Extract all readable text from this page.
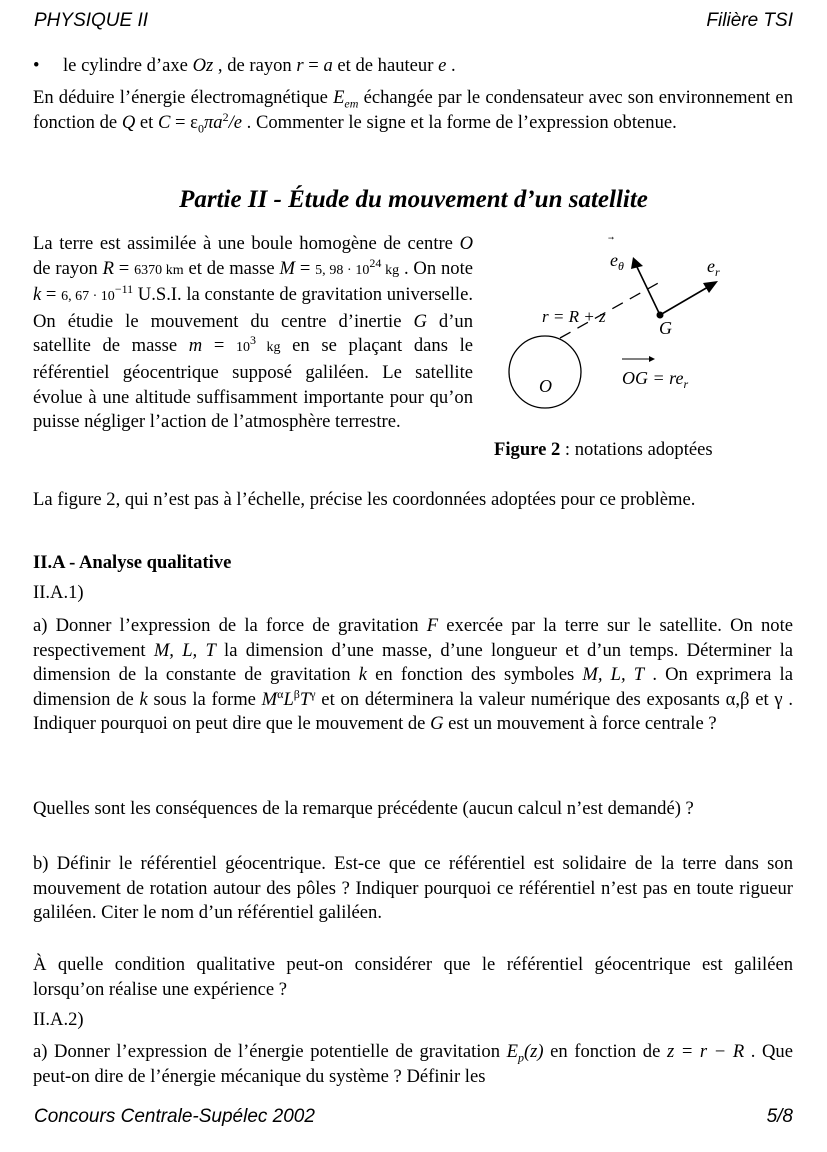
PHYSIQUE II	Filière TSI
• le cylindre d’axe Oz , de rayon r = a et de hauteur e .

En déduire l’énergie électromagnétique $E_{em}$ échangée par le condensateur avec son environnement en fonction de Q et $C = \varepsilon_0\pi a^2/e$ . Commenter le signe et la forme de l’expression obtenue.

Partie II - Étude du mouvement d’un satellite

La terre est assimilée à une boule homogène de centre O de rayon R = 6370 km et de masse M = 5, $98 \cdot 10^{24}$ kg . On note k = 6, $67 \cdot 10^{-11}$ U.S.I. la constante de gravitation universelle. On étudie le mouvement du centre d’inertie G d’un satellite de masse $m = 10^3$ kg en se plaçant dans le référentiel géocentrique supposé galiléen. Le satellite évolue à une altitude suffisamment importante pour qu’on puisse négliger l’action de l’atmosphère terrestre.

$e_\theta$	$e_r$
r = R + z
G
O	OG = $re_r$
Figure 2 : notations adoptées

La figure 2, qui n’est pas à l’échelle, précise les coordonnées adoptées pour ce problème.

II.A - Analyse qualitative
II.A.1)

a) Donner l’expression de la force de gravitation F exercée par la terre sur le satellite. On note respectivement M, L, T la dimension d’une masse, d’une longueur et d’un temps. Déterminer la dimension de la constante de gravitation k en fonction des symboles M, L, T . On exprimera la dimension de k sous la forme $M^\alpha L^\beta T^\gamma$ et on déterminera la valeur numérique des exposants α,β et γ . Indiquer pourquoi on peut dire que le mouvement de G est un mouvement à force centrale ?

Quelles sont les conséquences de la remarque précédente (aucun calcul n’est demandé) ?

b) Définir le référentiel géocentrique. Est-ce que ce référentiel est solidaire de la terre dans son mouvement de rotation autour des pôles ? Indiquer pourquoi ce référentiel n’est pas en toute rigueur galiléen. Citer le nom d’un référentiel galiléen.

À quelle condition qualitative peut-on considérer que le référentiel géocentrique est galiléen lorsqu’on réalise une expérience ?

II.A.2)

a) Donner l’expression de l’énergie potentielle de gravitation $E_p(z)$ en fonction de z = r − R . Que peut-on dire de l’énergie mécanique du système ? Définir les

Concours Centrale-Supélec 2002	5/8
